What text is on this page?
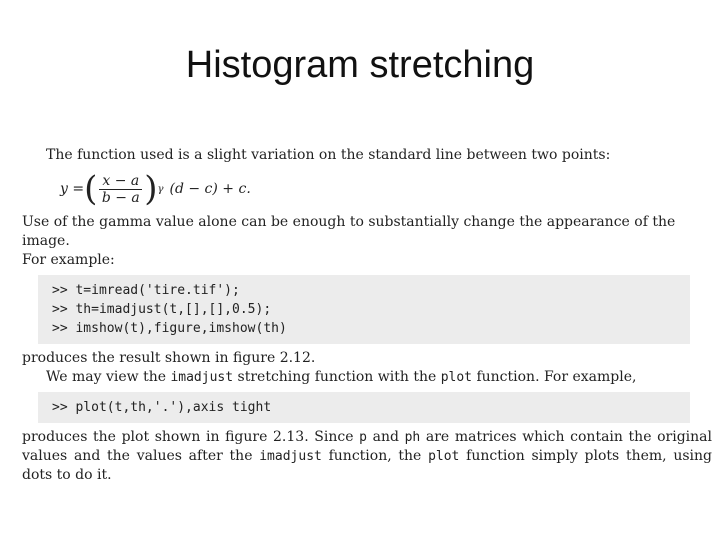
Histogram stretching

The function used is a slight variation on the standard line between two points:

y = ( $\frac{x - a}{b - a}$ ) γ (d − c) + c.

Use of the gamma value alone can be enough to substantially change the appearance of the image.

For example:

>> t=imread('tire.tif');
>> th=imadjust(t,[],[],0.5);
>> imshow(t),figure,imshow(th)

produces the result shown in figure 2.12.

We may view the imadjust stretching function with the plot function. For example,

>> plot(t,th,'.'),axis tight

produces the plot shown in figure 2.13. Since p and ph are matrices which contain the original values and the values after the imadjust function, the plot function simply plots them, using dots to do it.
